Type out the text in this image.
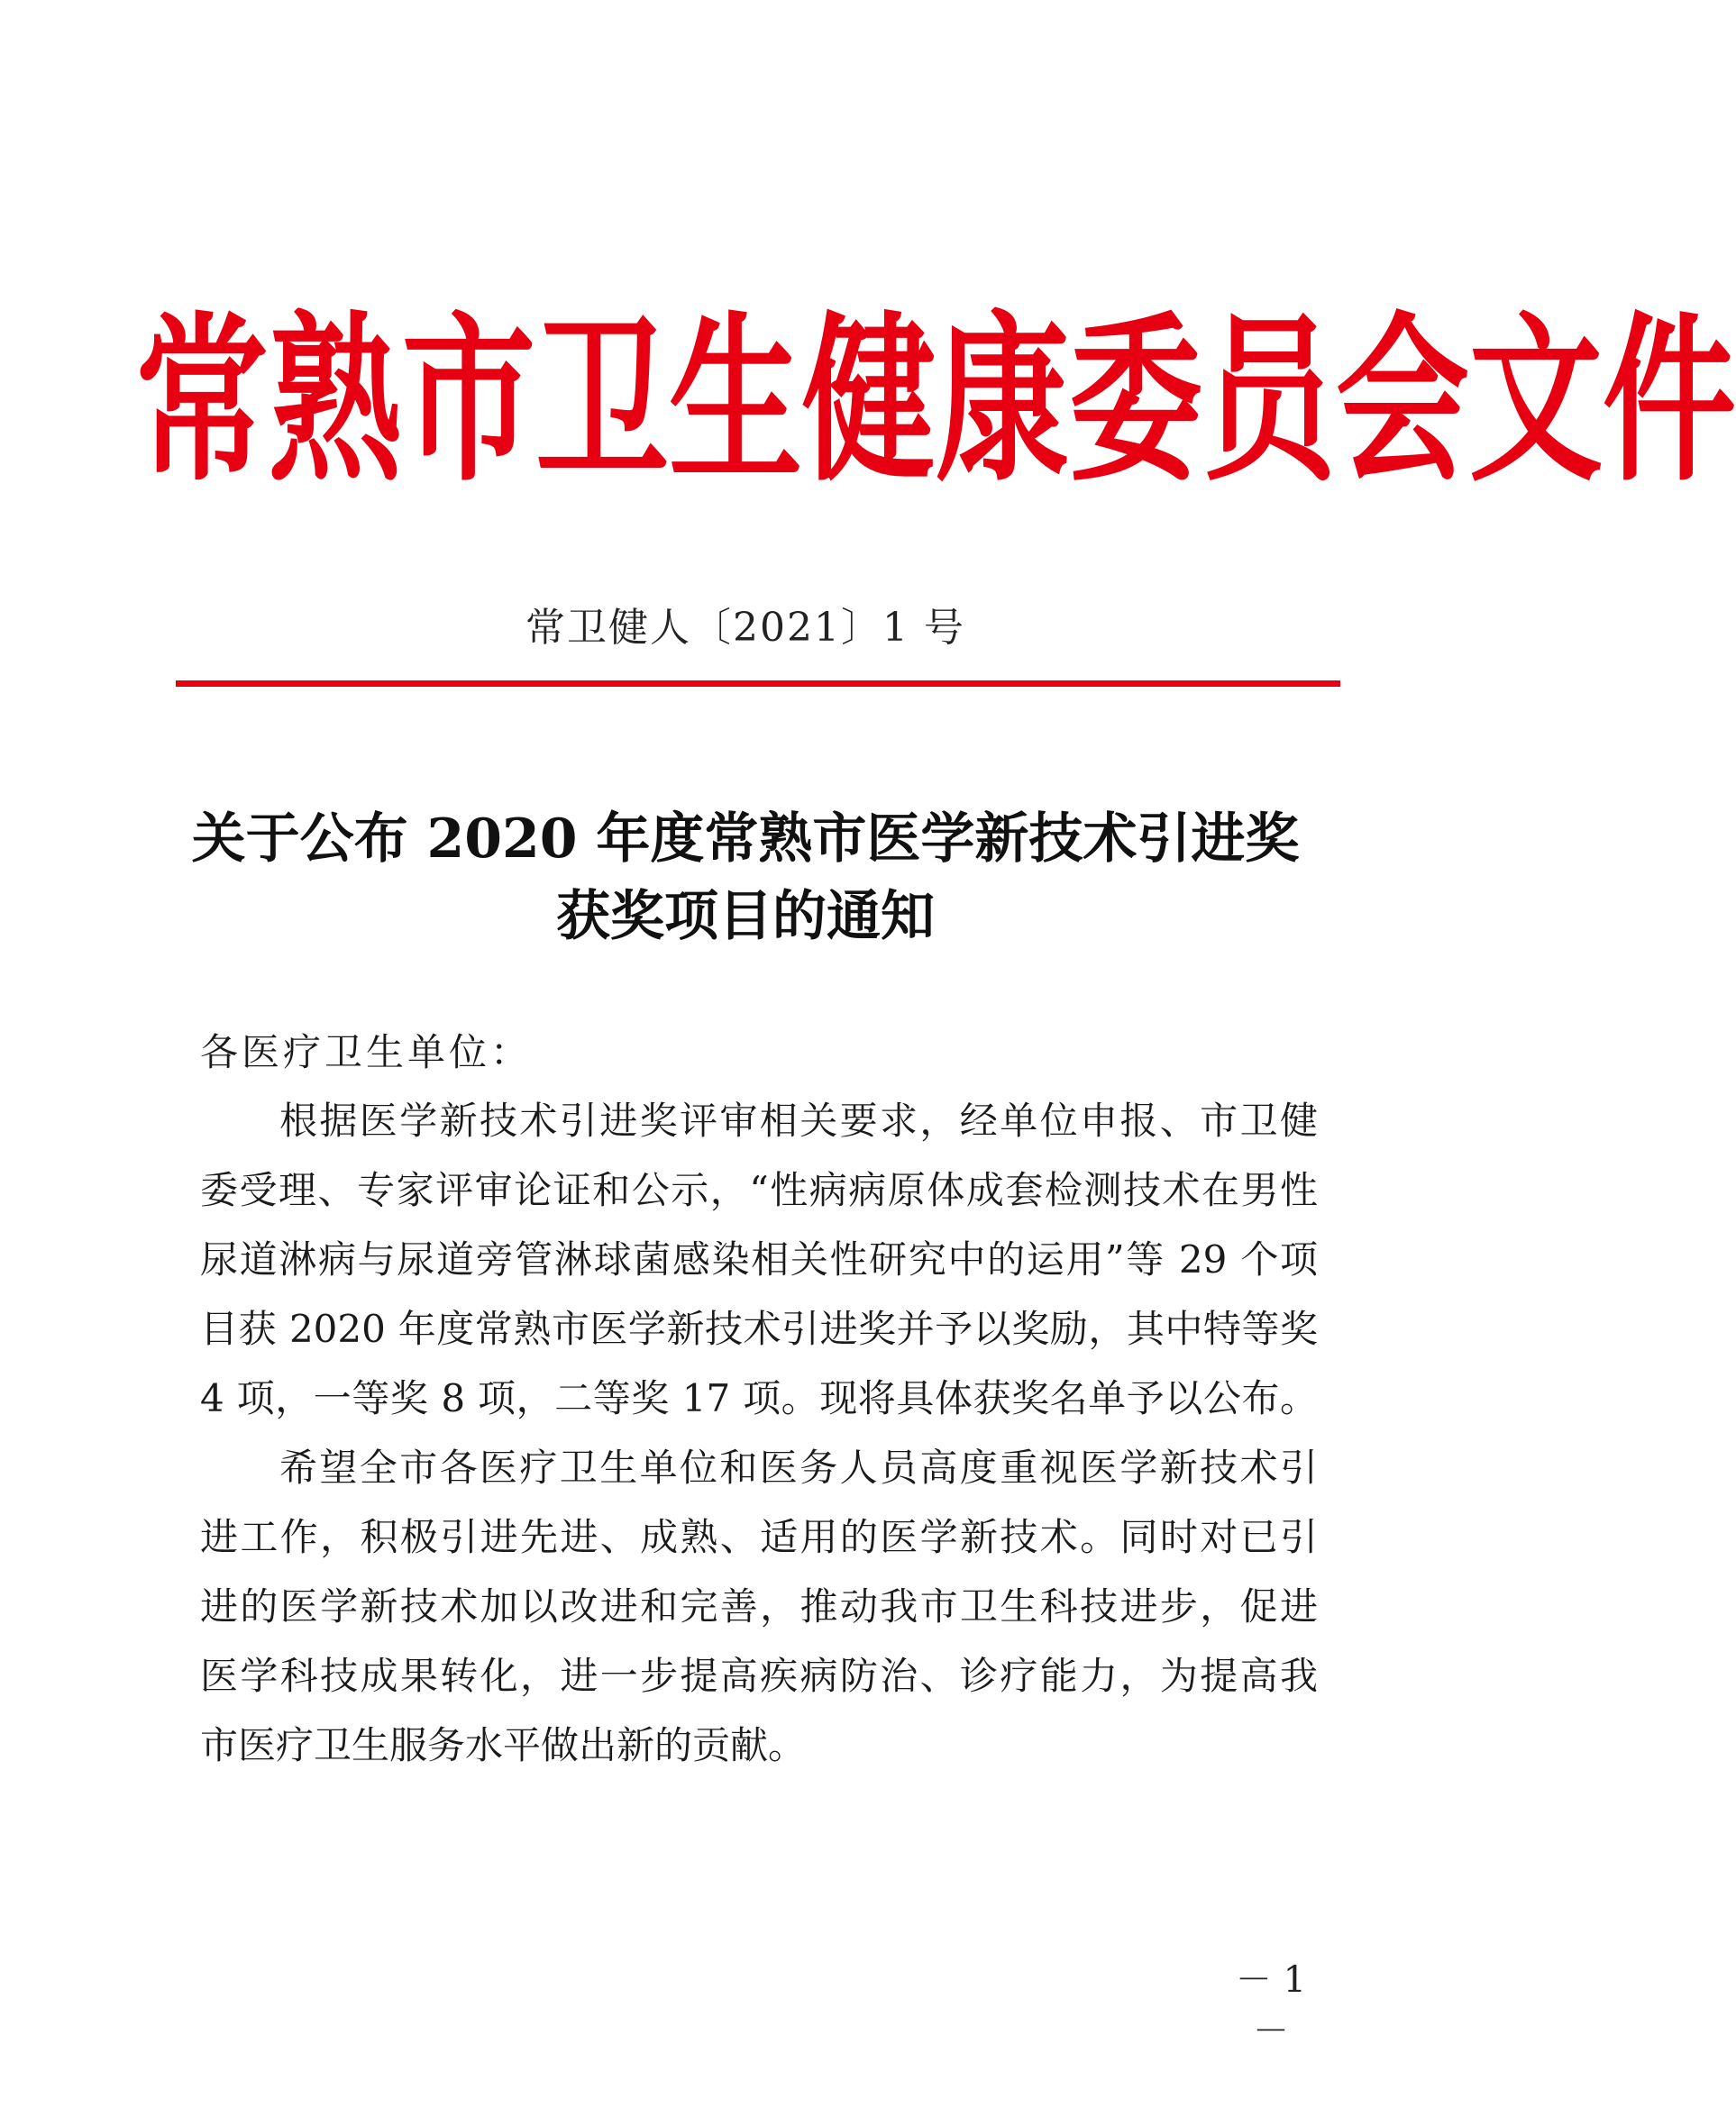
常 熟 市 卫 生 健 康 委 员 会 文 件
常卫健人〔2021〕1 号
关于公布 2020 年度常熟市医学新技术引进奖
获奖项目的通知
各医疗卫生单位：
根据医学新技术引进奖评审相关要求，经单位申报、市卫健
委受理、专家评审论证和公示，“性病病原体成套检测技术在男性
尿道淋病与尿道旁管淋球菌感染相关性研究中的运用”等 29 个项
目获 2020 年度常熟市医学新技术引进奖并予以奖励，其中特等奖
4 项，一等奖 8 项，二等奖 17 项。现将具体获奖名单予以公布。
希望全市各医疗卫生单位和医务人员高度重视医学新技术引
进工作，积极引进先进、成熟、适用的医学新技术。同时对已引
进的医学新技术加以改进和完善，推动我市卫生科技进步，促进
医学科技成果转化，进一步提高疾病防治、诊疗能力，为提高我
市医疗卫生服务水平做出新的贡献。
－ 1 －
